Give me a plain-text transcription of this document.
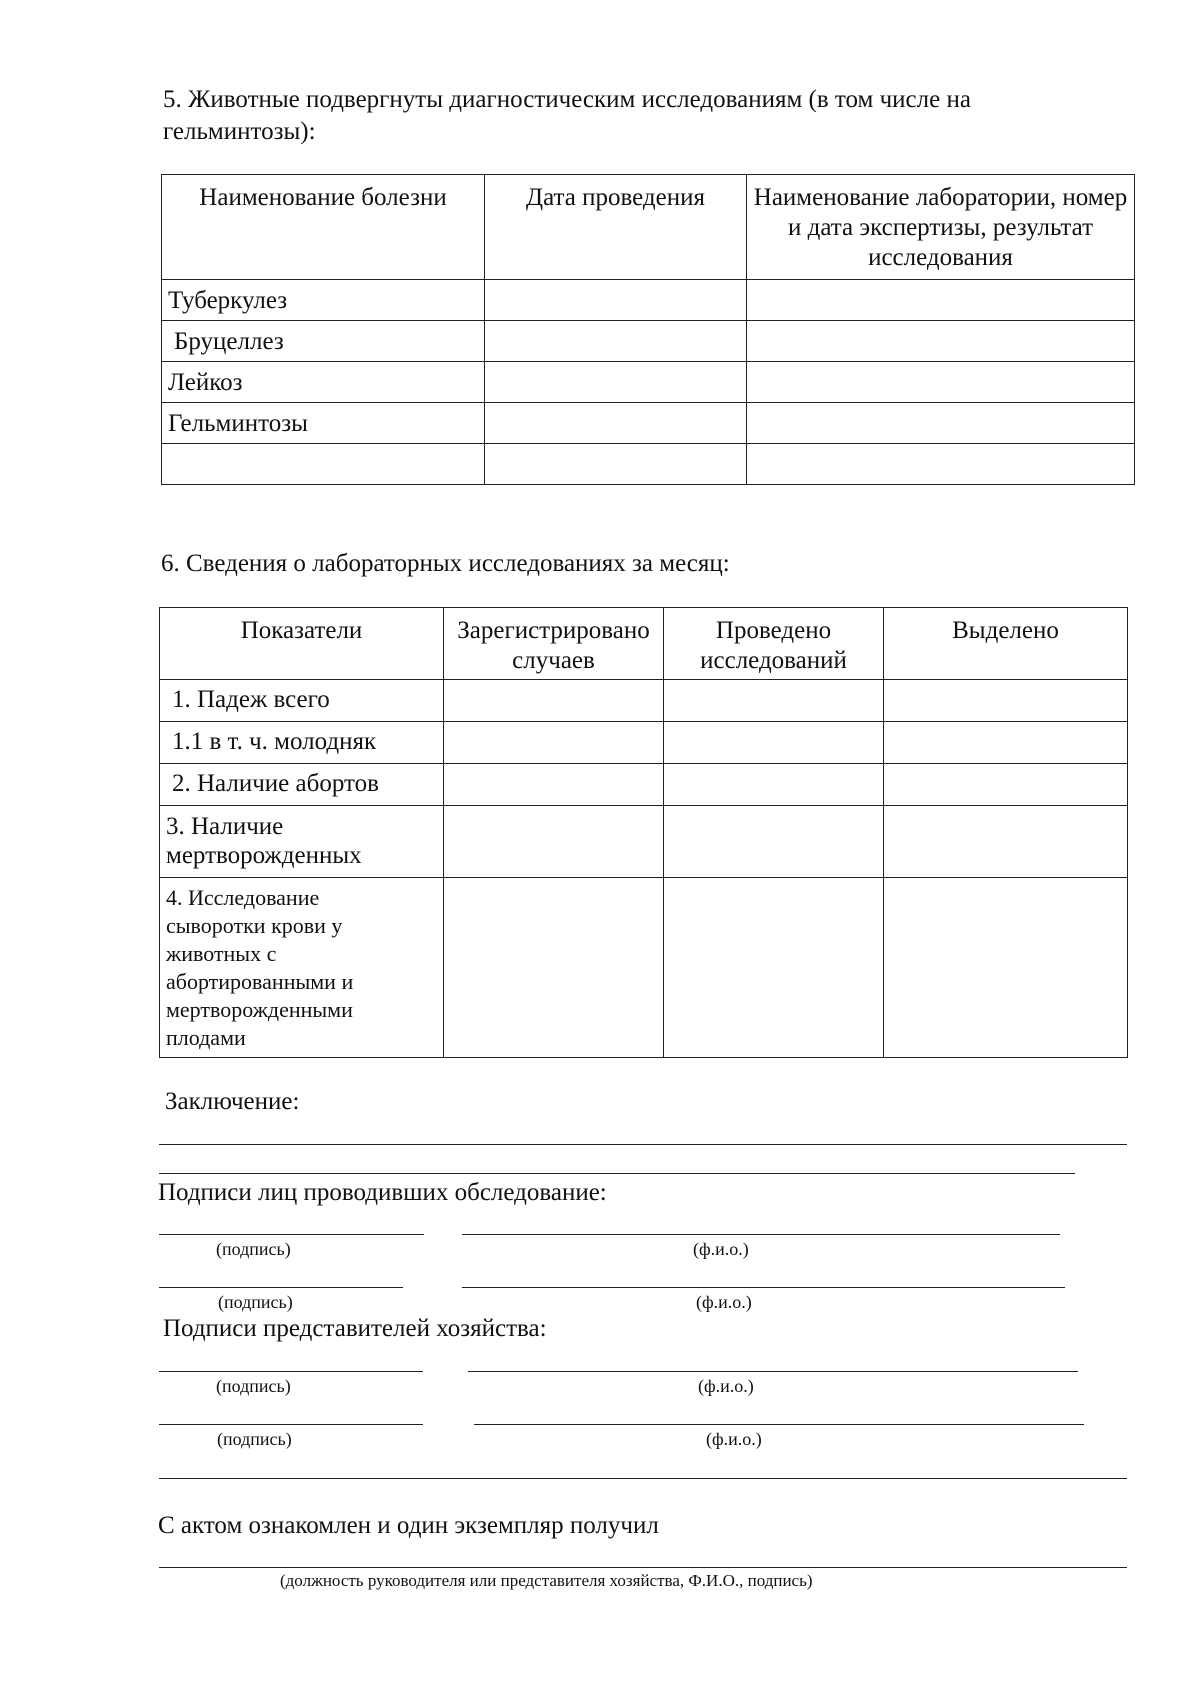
5. Животные подвергнуты диагностическим исследованиям (в том числе на
гельминтозы):
Наименование болезни	Дата проведения	Наименование лаборатории, номер и дата экспертизы, результат исследования
Туберкулез		
Бруцеллез		
Лейкоз		
Гельминтозы		

6. Сведения о лабораторных исследованиях за месяц:
Показатели	Зарегистрировано случаев	Проведено исследований	Выделено
1. Падеж всего			
1.1 в т. ч. молодняк			
2. Наличие абортов			
3. Наличие мертворожденных			
4. Исследование сыворотки крови у животных с абортированными и мертворожденными плодами			
Заключение:
Подписи лиц проводивших обследование:
(подпись)	(ф.и.о.)
(подпись)	(ф.и.о.)
Подписи представителей хозяйства:
(подпись)	(ф.и.о.)
(подпись)	(ф.и.о.)
С актом ознакомлен и один экземпляр получил
(должность руководителя или представителя хозяйства, Ф.И.О., подпись)
